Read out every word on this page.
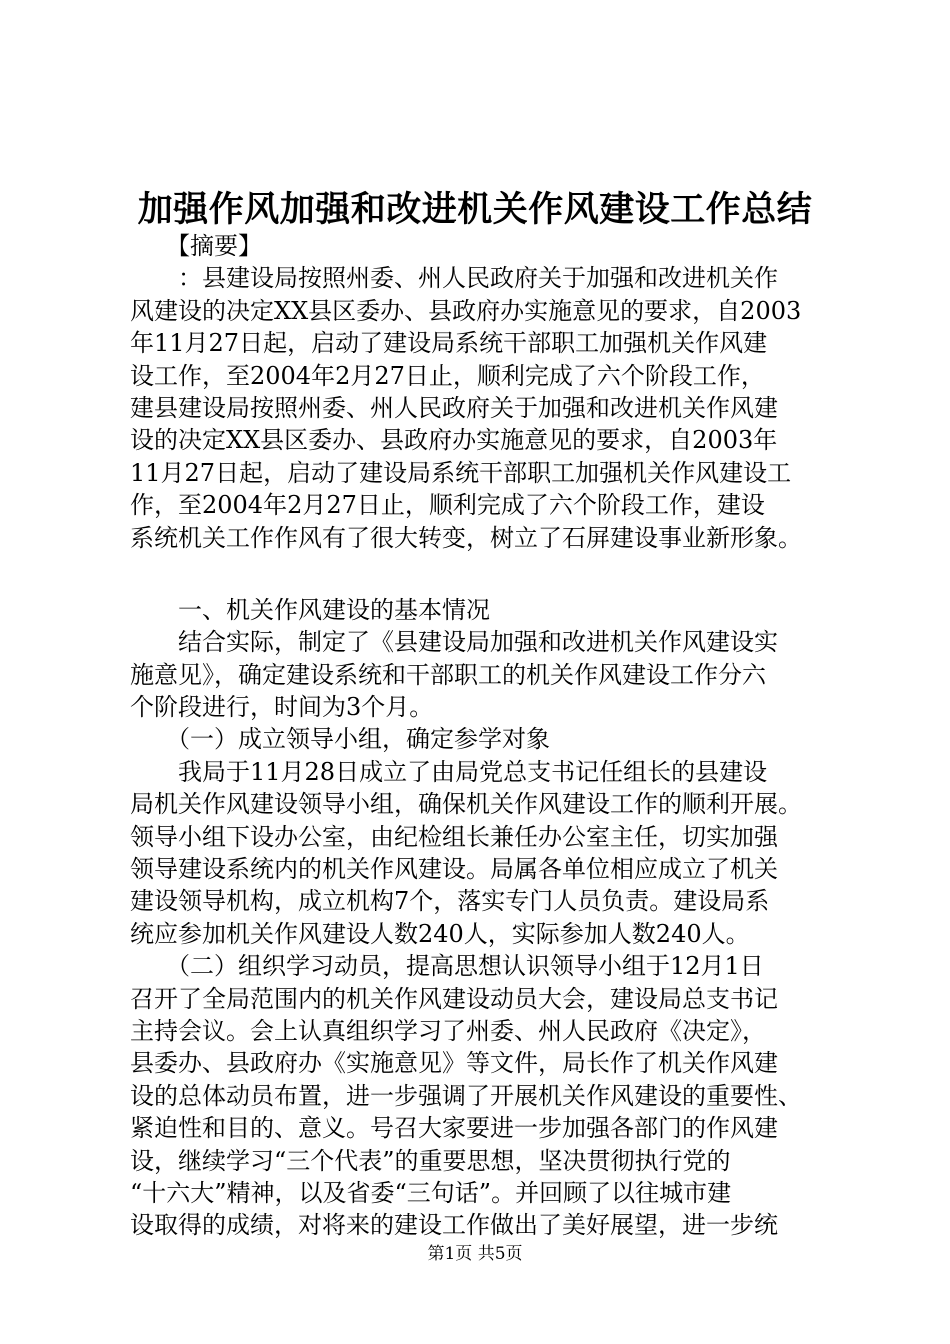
加强作风加强和改进机关作风建设工作总结
　　【摘要】
　　：县建设局按照州委、州人民政府关于加强和改进机关作
风建设的决定XX县区委办、县政府办实施意见的要求，自2003
年11月27日起，启动了建设局系统干部职工加强机关作风建
设工作，至2004年2月27日止，顺利完成了六个阶段工作，
建县建设局按照州委、州人民政府关于加强和改进机关作风建
设的决定XX县区委办、县政府办实施意见的要求，自2003年
11月27日起，启动了建设局系统干部职工加强机关作风建设工
作，至2004年2月27日止，顺利完成了六个阶段工作，建设
系统机关工作作风有了很大转变，树立了石屏建设事业新形象。
　　一、机关作风建设的基本情况
　　结合实际，制定了《县建设局加强和改进机关作风建设实
施意见》，确定建设系统和干部职工的机关作风建设工作分六
个阶段进行，时间为3个月。
　　（一）成立领导小组，确定参学对象
　　我局于11月28日成立了由局党总支书记任组长的县建设
局机关作风建设领导小组，确保机关作风建设工作的顺利开展。
领导小组下设办公室，由纪检组长兼任办公室主任，切实加强
领导建设系统内的机关作风建设。局属各单位相应成立了机关
建设领导机构，成立机构7个，落实专门人员负责。建设局系
统应参加机关作风建设人数240人，实际参加人数240人。
　　（二）组织学习动员，提高思想认识领导小组于12月1日
召开了全局范围内的机关作风建设动员大会，建设局总支书记
主持会议。会上认真组织学习了州委、州人民政府《决定》，
县委办、县政府办《实施意见》等文件，局长作了机关作风建
设的总体动员布置，进一步强调了开展机关作风建设的重要性、
紧迫性和目的、意义。号召大家要进一步加强各部门的作风建
设，继续学习“三个代表”的重要思想，坚决贯彻执行党的
“十六大”精神，以及省委“三句话”。并回顾了以往城市建
设取得的成绩，对将来的建设工作做出了美好展望，进一步统
第1页 共5页
